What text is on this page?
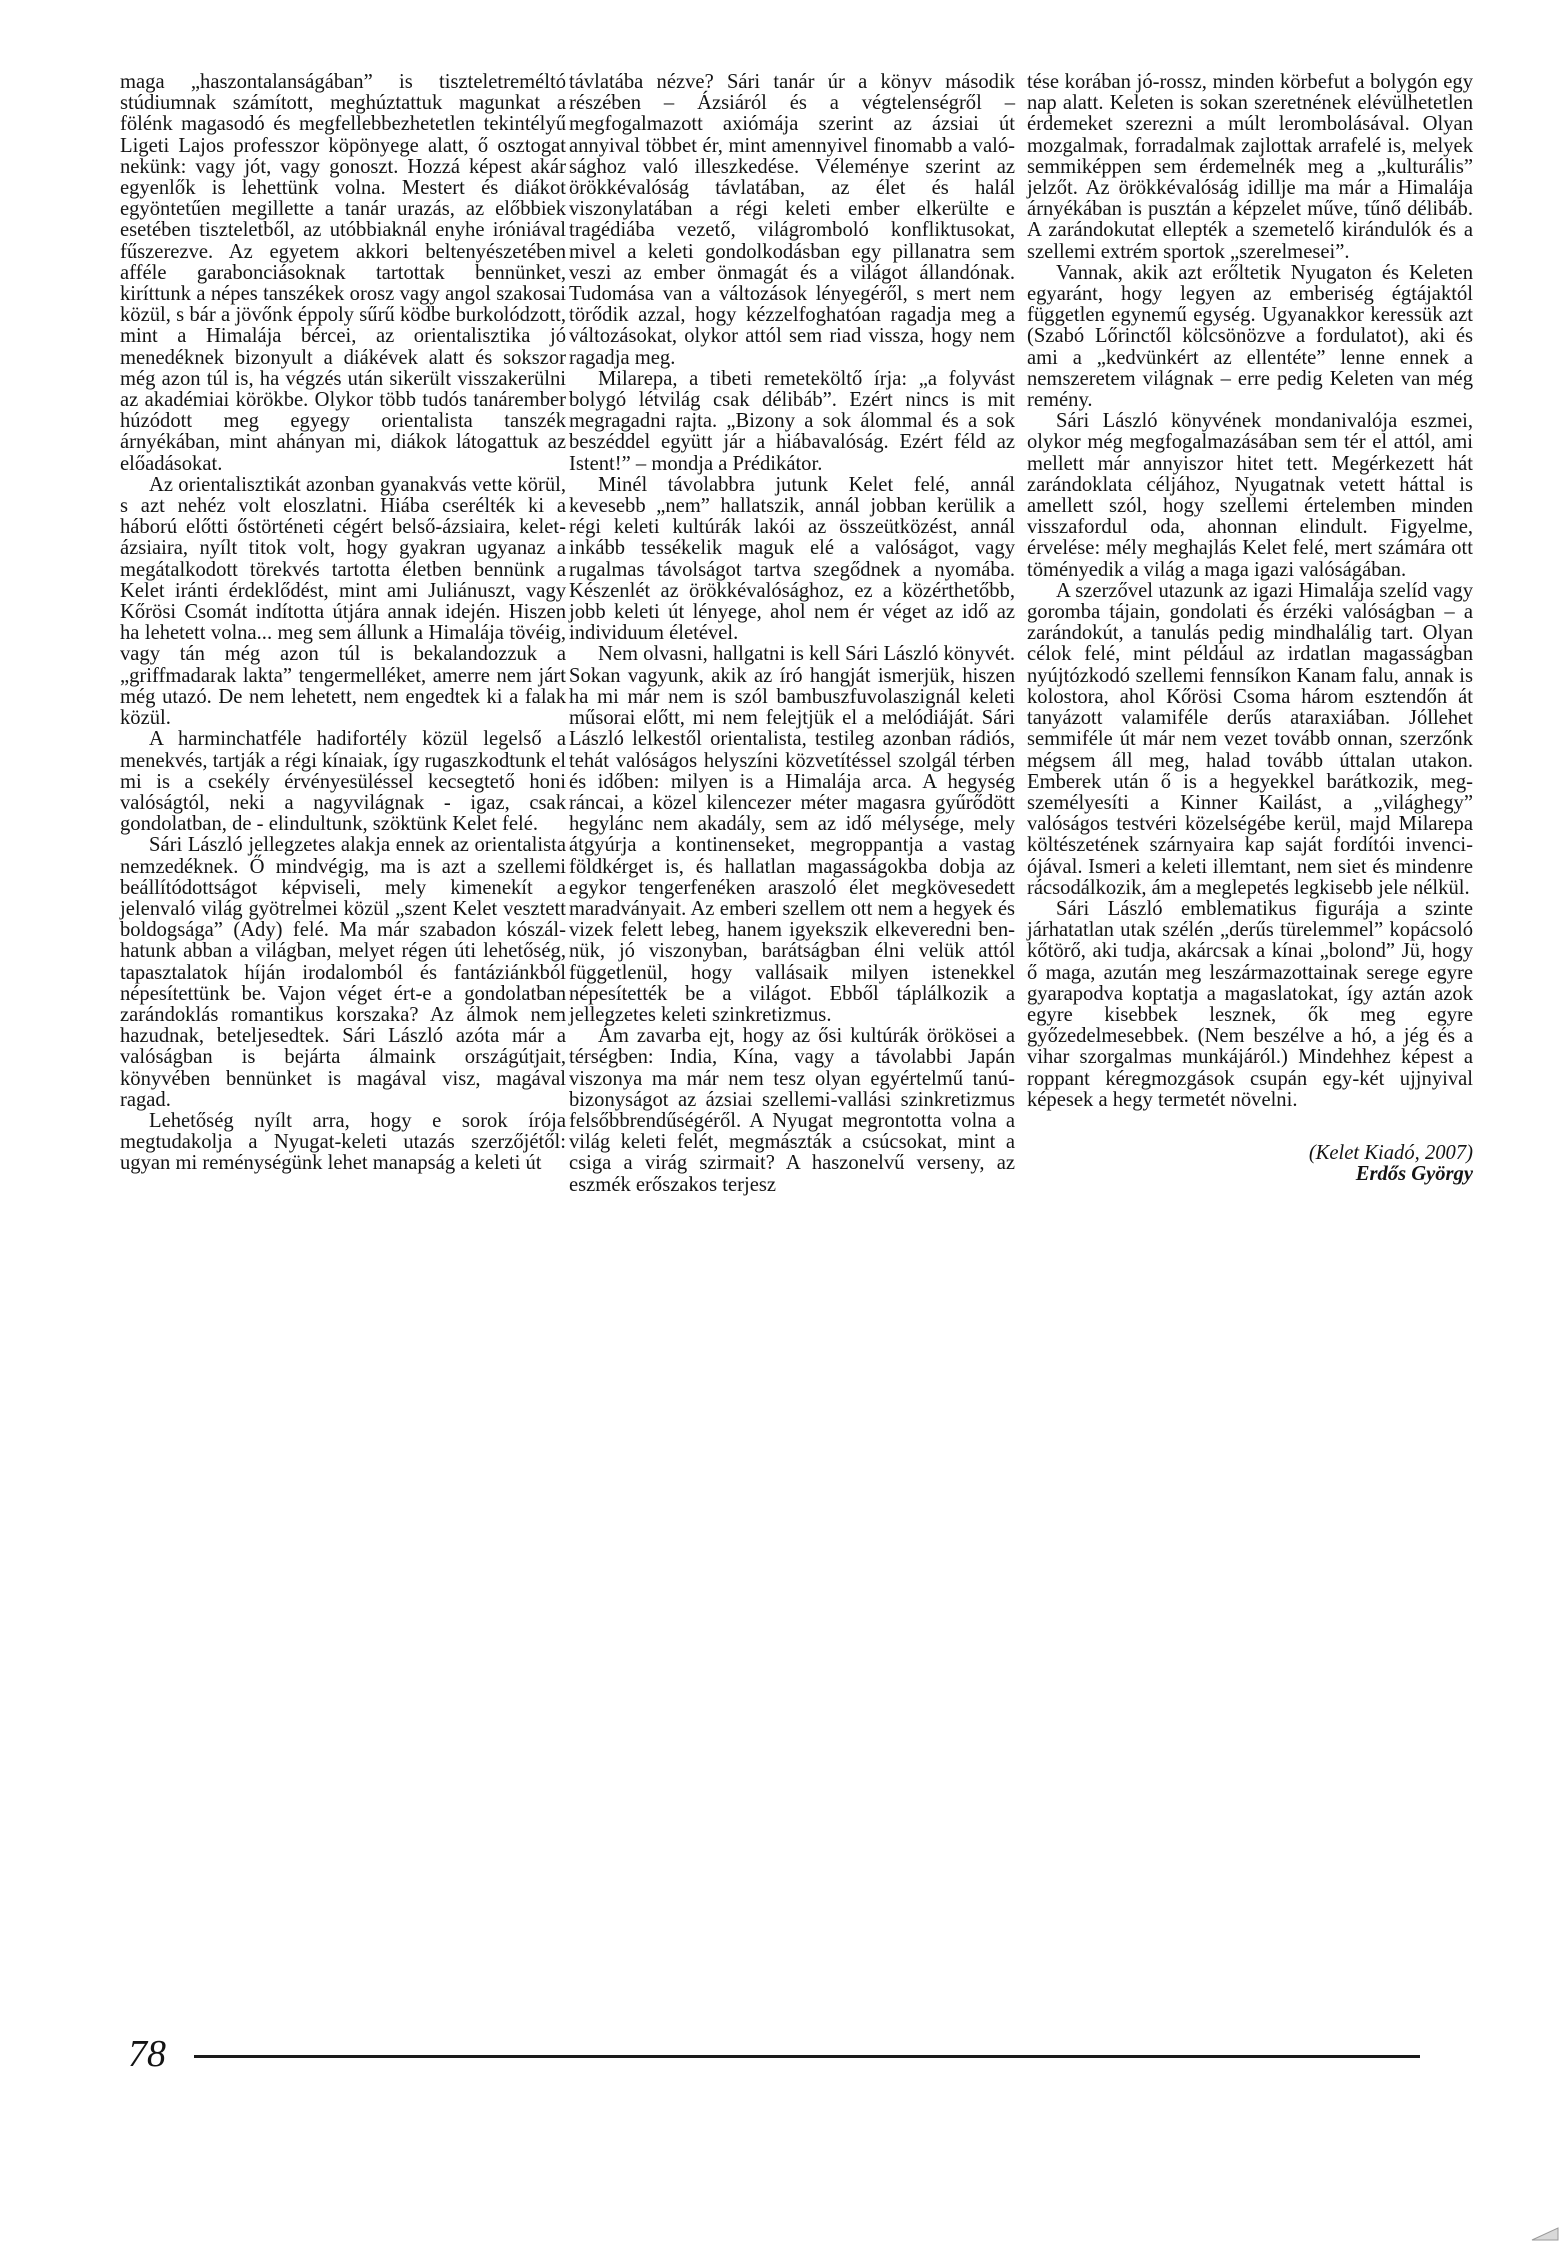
maga „haszontalanságában” is tiszteletreméltó stúdiumnak számított, meghúztattuk magunkat a fölénk magasodó és megfellebbezhetetlen tekintélyű Ligeti Lajos professzor köpönyege alatt, ő osztogat nekünk: vagy jót, vagy gonoszt. Hozzá képest akár egyenlők is lehettünk volna. Mestert és diákot egyöntetűen megillette a tanár urazás, az előbbiek esetében tiszteletből, az utóbbiaknál enyhe iróniával fűszerezve. Az egyetem akkori beltenyészetében afféle garabonciásoknak tartottak bennünket, kiríttunk a népes tanszékek orosz vagy angol szakosai közül, s bár a jövőnk éppoly sűrű ködbe burkolódzott, mint a Himalája bércei, az orientalisztika jó menedéknek bizonyult a diákévek alatt és sokszor még azon túl is, ha végzés után sikerült visszakerülni az akadémiai körökbe. Olykor több tudós tanárember húzódott meg egyegy orientalista tanszék árnyékában, mint ahányan mi, diákok látogattuk az előadásokat.

Az orientalisztikát azonban gyanakvás vette körül, s azt nehéz volt eloszlatni. Hiába cserélték ki a háború előtti őstörténeti cégért belső-ázsiaira, kelet-ázsiaira, nyílt titok volt, hogy gyakran ugyanaz a megátalkodott törekvés tartotta életben bennünk a Kelet iránti érdeklődést, mint ami Juliánuszt, vagy Kőrösi Csomát indította útjára annak idején. Hiszen ha lehetett volna... meg sem állunk a Himalája tövéig, vagy tán még azon túl is bekalandozzuk a „griffmadarak lakta” tengermelléket, amerre nem járt még utazó. De nem lehetett, nem engedtek ki a falak közül.

A harminchatféle hadifortély közül legelső a menekvés, tartják a régi kínaiak, így rugaszkodtunk el mi is a csekély érvényesüléssel kecsegtető honi valóságtól, neki a nagyvilágnak - igaz, csak gondolatban, de - elindultunk, szöktünk Kelet felé.

Sári László jellegzetes alakja ennek az orientalista nemzedéknek. Ő mindvégig, ma is azt a szellemi beállítódottságot képviseli, mely kimenekít a jelenvaló világ gyötrelmei közül „szent Kelet vesztett boldogsága” (Ady) felé. Ma már szabadon kószálhatunk abban a világban, melyet régen úti lehetőség, tapasztalatok híján irodalomból és fantáziánkból népesítettünk be. Vajon véget ért-e a gondolatban zarándoklás romantikus korszaka? Az álmok nem hazudnak, beteljesedtek. Sári László azóta már a valóságban is bejárta álmaink országútjait, könyvében bennünket is magával visz, magával ragad.

Lehetőség nyílt arra, hogy e sorok írója megtudakolja a Nyugat-keleti utazás szerzőjétől: ugyan mi reménységünk lehet manapság a keleti út

távlatába nézve? Sári tanár úr a könyv második részében – Ázsiáról és a végtelenségről – megfogalmazott axiómája szerint az ázsiai út annyival többet ér, mint amennyivel finomabb a valósághoz való illeszkedése. Véleménye szerint az örökkévalóság távlatában, az élet és halál viszonylatában a régi keleti ember elkerülte e tragédiába vezető, világromboló konfliktusokat, mivel a keleti gondolkodásban egy pillanatra sem veszi az ember önmagát és a világot állandónak. Tudomása van a változások lényegéről, s mert nem törődik azzal, hogy kézzelfoghatóan ragadja meg a változásokat, olykor attól sem riad vissza, hogy nem ragadja meg.

Milarepa, a tibeti remeteköltő írja: „a folyvást bolygó létvilág csak délibáb”. Ezért nincs is mit megragadni rajta. „Bizony a sok álommal és a sok beszéddel együtt jár a hiábavalóság. Ezért féld az Istent!” – mondja a Prédikátor.

Minél távolabbra jutunk Kelet felé, annál kevesebb „nem” hallatszik, annál jobban kerülik a régi keleti kultúrák lakói az összeütközést, annál inkább tessékelik maguk elé a valóságot, vagy rugalmas távolságot tartva szegődnek a nyomába. Készenlét az örökkévalósághoz, ez a közérthetőbb, jobb keleti út lényege, ahol nem ér véget az idő az individuum életével.

Nem olvasni, hallgatni is kell Sári László könyvét. Sokan vagyunk, akik az író hangját ismerjük, hiszen ha mi már nem is szól bambuszfuvolaszignál keleti műsorai előtt, mi nem felejtjük el a melódiáját. Sári László lelkestől orientalista, testileg azonban rádiós, tehát valóságos helyszíni közvetítéssel szolgál térben és időben: milyen is a Himalája arca. A hegység ráncai, a közel kilencezer méter magasra gyűrődött hegylánc nem akadály, sem az idő mélysége, mely átgyúrja a kontinenseket, megroppantja a vastag földkérget is, és hallatlan magasságokba dobja az egykor tengerfenéken araszoló élet megkövesedett maradványait. Az emberi szellem ott nem a hegyek és vizek felett lebeg, hanem igyekszik elkeveredni bennük, jó viszonyban, barátságban élni velük attól függetlenül, hogy vallásaik milyen istenekkel népesítették be a világot. Ebből táplálkozik a jellegzetes keleti szinkretizmus.

Ám zavarba ejt, hogy az ősi kultúrák örökösei a térségben: India, Kína, vagy a távolabbi Japán viszonya ma már nem tesz olyan egyértelmű tanúbizonyságot az ázsiai szellemi-vallási szinkretizmus felsőbbrendűségéről. A Nyugat megrontotta volna a világ keleti felét, megmászták a csúcsokat, mint a csiga a virág szirmait? A haszonelvű verseny, az eszmék erőszakos terjesz

tése korában jó-rossz, minden körbefut a bolygón egy nap alatt. Keleten is sokan szeretnének elévülhetetlen érdemeket szerezni a múlt lerombolásával. Olyan mozgalmak, forradalmak zajlottak arrafelé is, melyek semmiképpen sem érdemelnék meg a „kulturális” jelzőt. Az örökkévalóság idillje ma már a Himalája árnyékában is pusztán a képzelet műve, tűnő délibáb. A zarándokutat ellepték a szemetelő kirándulók és a szellemi extrém sportok „szerelmesei”.

Vannak, akik azt erőltetik Nyugaton és Keleten egyaránt, hogy legyen az emberiség égtájaktól független egynemű egység. Ugyanakkor keressük azt (Szabó Lőrinctől kölcsönözve a fordulatot), aki és ami a „kedvünkért az ellentéte” lenne ennek a nemszeretem világnak – erre pedig Keleten van még remény.

Sári László könyvének mondanivalója eszmei, olykor még megfogalmazásában sem tér el attól, ami mellett már annyiszor hitet tett. Megérkezett hát zarándoklata céljához, Nyugatnak vetett háttal is amellett szól, hogy szellemi értelemben minden visszafordul oda, ahonnan elindult. Figyelme, érvelése: mély meghajlás Kelet felé, mert számára ott töményedik a világ a maga igazi valóságában.

A szerzővel utazunk az igazi Himalája szelíd vagy goromba tájain, gondolati és érzéki valóságban – a zarándokút, a tanulás pedig mindhalálig tart. Olyan célok felé, mint például az irdatlan magasságban nyújtózkodó szellemi fennsíkon Kanam falu, annak is kolostora, ahol Kőrösi Csoma három esztendőn át tanyázott valamiféle derűs ataraxiában. Jóllehet semmiféle út már nem vezet tovább onnan, szerzőnk mégsem áll meg, halad tovább úttalan utakon. Emberek után ő is a hegyekkel barátkozik, megszemélyesíti a Kinner Kailást, a „világhegy” valóságos testvéri közelségébe kerül, majd Milarepa költészetének szárnyaira kap saját fordítói invenciójával. Ismeri a keleti illemtant, nem siet és mindenre rácsodálkozik, ám a meglepetés legkisebb jele nélkül.

Sári László emblematikus figurája a szinte járhatatlan utak szélén „derűs türelemmel” kopácsoló kőtörő, aki tudja, akárcsak a kínai „bolond” Jü, hogy ő maga, azután meg leszármazottainak serege egyre gyarapodva koptatja a magaslatokat, így aztán azok egyre kisebbek lesznek, ők meg egyre győzedelmesebbek. (Nem beszélve a hó, a jég és a vihar szorgalmas munkájáról.) Mindehhez képest a roppant kéregmozgások csupán egy-két ujjnyival képesek a hegy termetét növelni.

(Kelet Kiadó, 2007)
Erdős György
78
